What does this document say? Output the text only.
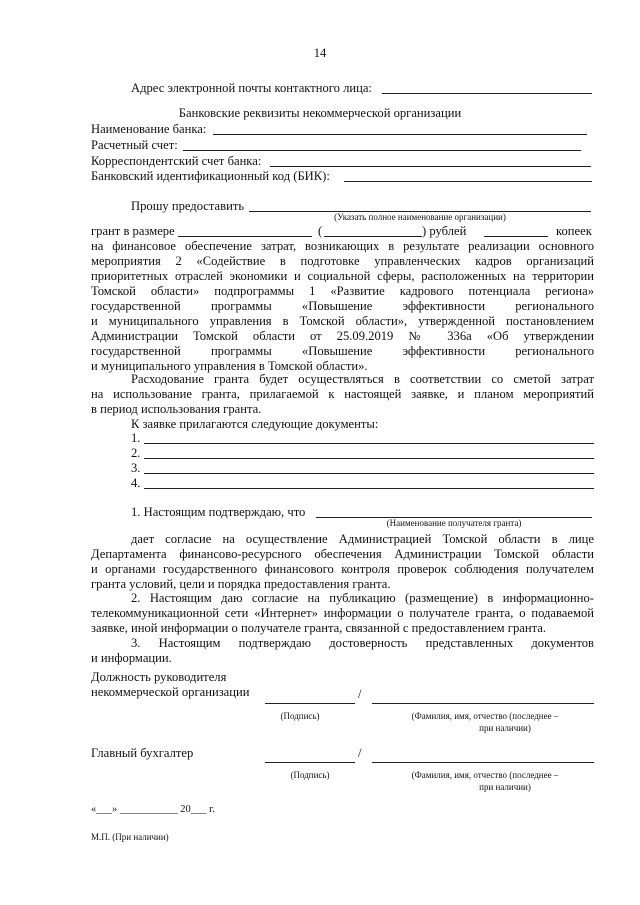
14
Адрес электронной почты контактного лица:
Банковские реквизиты некоммерческой организации
Наименование банка:
Расчетный счет:
Корреспондентский счет банка:
Банковский идентификационный код (БИК):
Прошу предоставить
(Указать полное наименование организации)
грант в размере	(	) рублей	копеек
на финансовое обеспечение затрат, возникающих в результате реализации основного
мероприятия 2 «Содействие в подготовке управленческих кадров организаций
приоритетных отраслей экономики и социальной сферы, расположенных на территории
Томской области» подпрограммы 1 «Развитие кадрового потенциала региона»
государственной программы «Повышение эффективности регионального
и муниципального управления в Томской области», утвержденной постановлением
Администрации Томской области от 25.09.2019 № 336а «Об утверждении
государственной программы «Повышение эффективности регионального
и муниципального управления в Томской области».
Расходование гранта будет осуществляться в соответствии со сметой затрат
на использование гранта, прилагаемой к настоящей заявке, и планом мероприятий
в период использования гранта.
К заявке прилагаются следующие документы:
1.
2.
3.
4.
1. Настоящим подтверждаю, что
(Наименование получателя гранта)
дает согласие на осуществление Администрацией Томской области в лице
Департамента финансово-ресурсного обеспечения Администрации Томской области
и органами государственного финансового контроля проверок соблюдения получателем
гранта условий, цели и порядка предоставления гранта.
2. Настоящим даю согласие на публикацию (размещение) в информационно-
телекоммуникационной сети «Интернет» информации о получателе гранта, о подаваемой
заявке, иной информации о получателе гранта, связанной с предоставлением гранта.
3. Настоящим подтверждаю достоверность представленных документов
и информации.
Должность руководителя
некоммерческой организации	/
(Подпись)	(Фамилия, имя, отчество (последнее –
при наличии)
Главный бухгалтер	/
(Подпись)	(Фамилия, имя, отчество (последнее –
при наличии)
«___» ___________ 20___ г.
М.П. (При наличии)
